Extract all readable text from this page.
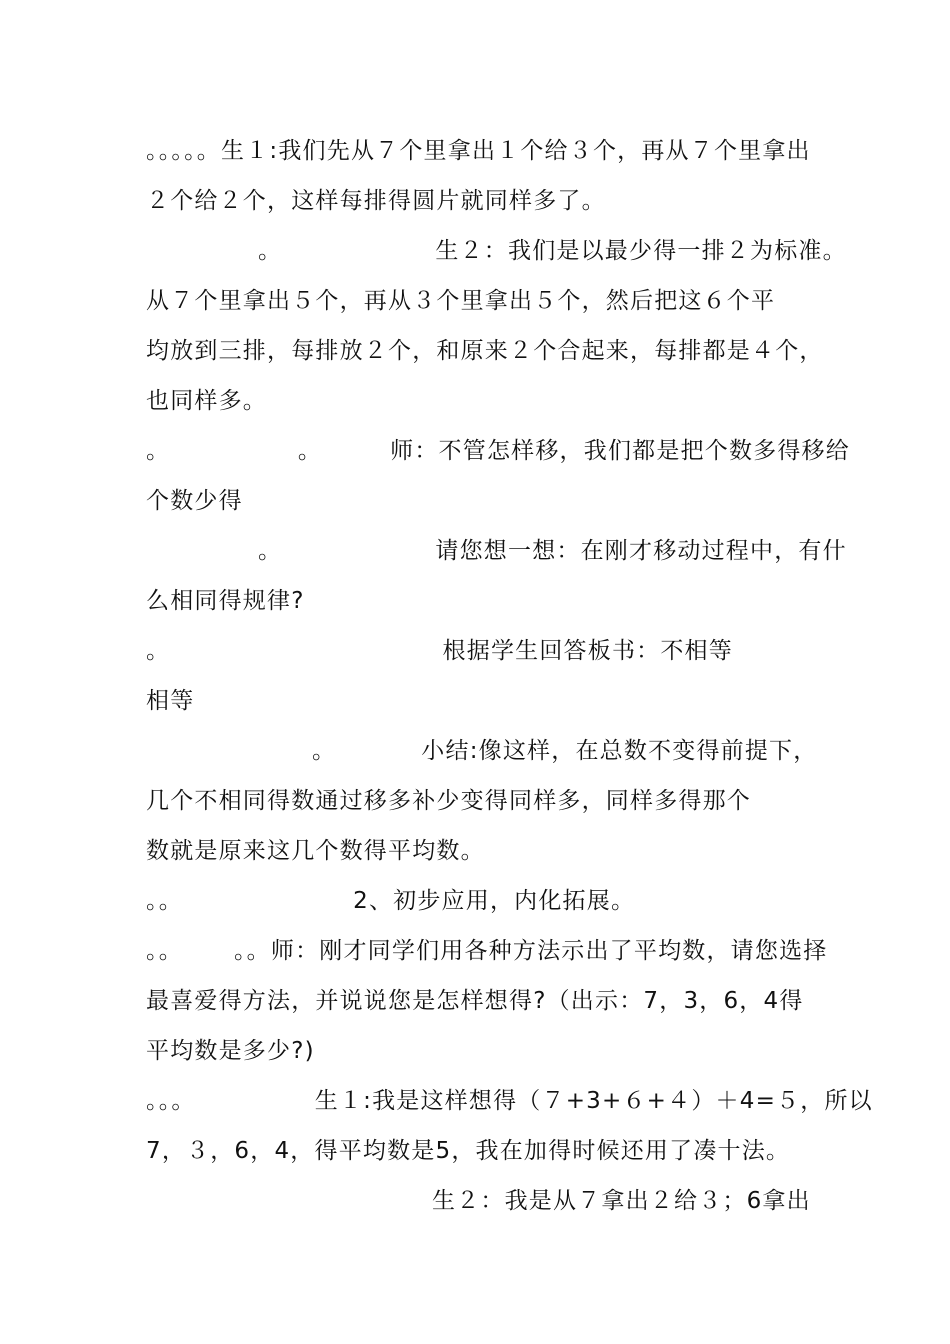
。。。。。生１:我们先从７个里拿出１个给３个，再从７个里拿出
２个给２个，这样每排得圆片就同样多了。
。                  生２：我们是以最少得一排２为标准。
从７个里拿出５个，再从３个里拿出５个，然后把这６个平
均放到三排，每排放２个，和原来２个合起来，每排都是４个，
也同样多。
。               。        师：不管怎样移，我们都是把个数多得移给
个数少得
。                  请您想一想：在刚才移动过程中，有什
么相同得规律?
。                                根据学生回答板书：不相等
相等
。          小结:像这样，在总数不变得前提下，
几个不相同得数通过移多补少变得同样多，同样多得那个
数就是原来这几个数得平均数。
。。                    2、初步应用，内化拓展。
。。      。。师：刚才同学们用各种方法示出了平均数，请您选择
最喜爱得方法，并说说您是怎样想得?（出示：7，3，6，4得
平均数是多少?)
。。。              生１:我是这样想得（７+3+６+４）＋4=５，所以
7，３，6，4，得平均数是5，我在加得时候还用了凑十法。
生２：我是从７拿出２给３；6拿出
